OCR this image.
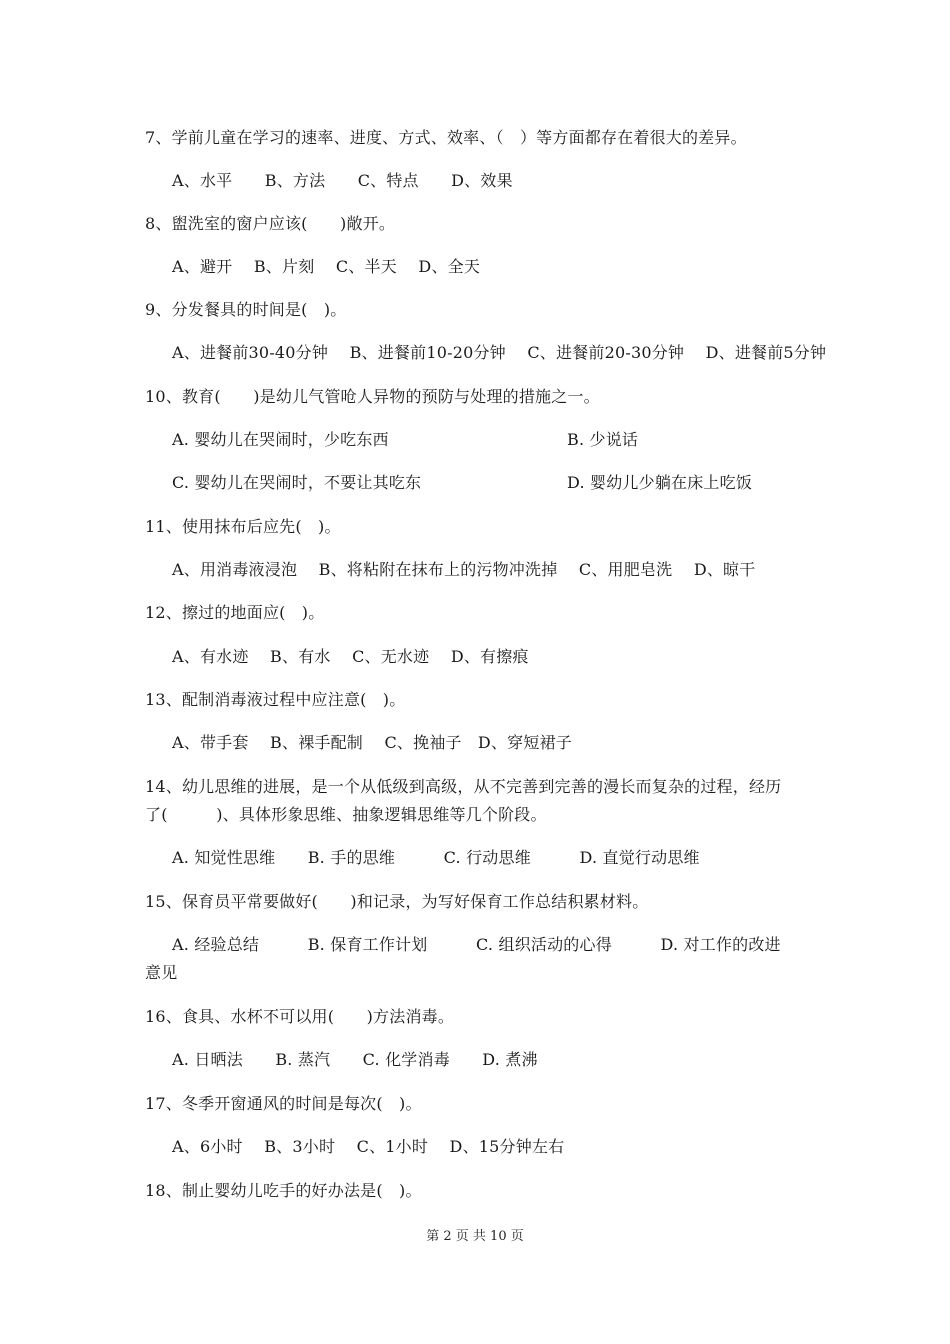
7、学前儿童在学习的速率、进度、方式、效率、（　）等方面都存在着很大的差异。
A、水平　　B、方法　　C、特点　　D、效果
8、盥洗室的窗户应该(　　)敞开。
A、避开　 B、片刻　 C、半天　 D、全天
9、分发餐具的时间是(　)。
A、进餐前30-40分钟　 B、进餐前10-20分钟　 C、进餐前20-30分钟　 D、进餐前5分钟
10、教育(　　)是幼儿气管呛人异物的预防与处理的措施之一。
A. 婴幼儿在哭闹时，少吃东西	B. 少说话
C. 婴幼儿在哭闹时，不要让其吃东	D. 婴幼儿少躺在床上吃饭
11、使用抹布后应先(　)。
A、用消毒液浸泡　 B、将粘附在抹布上的污物冲洗掉　 C、用肥皂洗　 D、晾干
12、擦过的地面应(　)。
A、有水迹　 B、有水　 C、无水迹　 D、有擦痕
13、配制消毒液过程中应注意(　)。
A、带手套　 B、裸手配制　 C、挽袖子　D、穿短裙子
14、幼儿思维的进展，是一个从低级到高级，从不完善到完善的漫长而复杂的过程，经历
了(　　　)、具体形象思维、抽象逻辑思维等几个阶段。
A. 知觉性思维　　B. 手的思维　　　C. 行动思维　　　D. 直觉行动思维
15、保育员平常要做好(　　)和记录，为写好保育工作总结积累材料。
A. 经验总结　　　B. 保育工作计划　　　C. 组织活动的心得　　　D. 对工作的改进
意见
16、食具、水杯不可以用(　　)方法消毒。
A. 日晒法　　B. 蒸汽　　C. 化学消毒　　D. 煮沸
17、冬季开窗通风的时间是每次(　)。
A、6小时　 B、3小时　 C、1小时　 D、15分钟左右
18、制止婴幼儿吃手的好办法是(　)。
第 2 页 共 10 页
